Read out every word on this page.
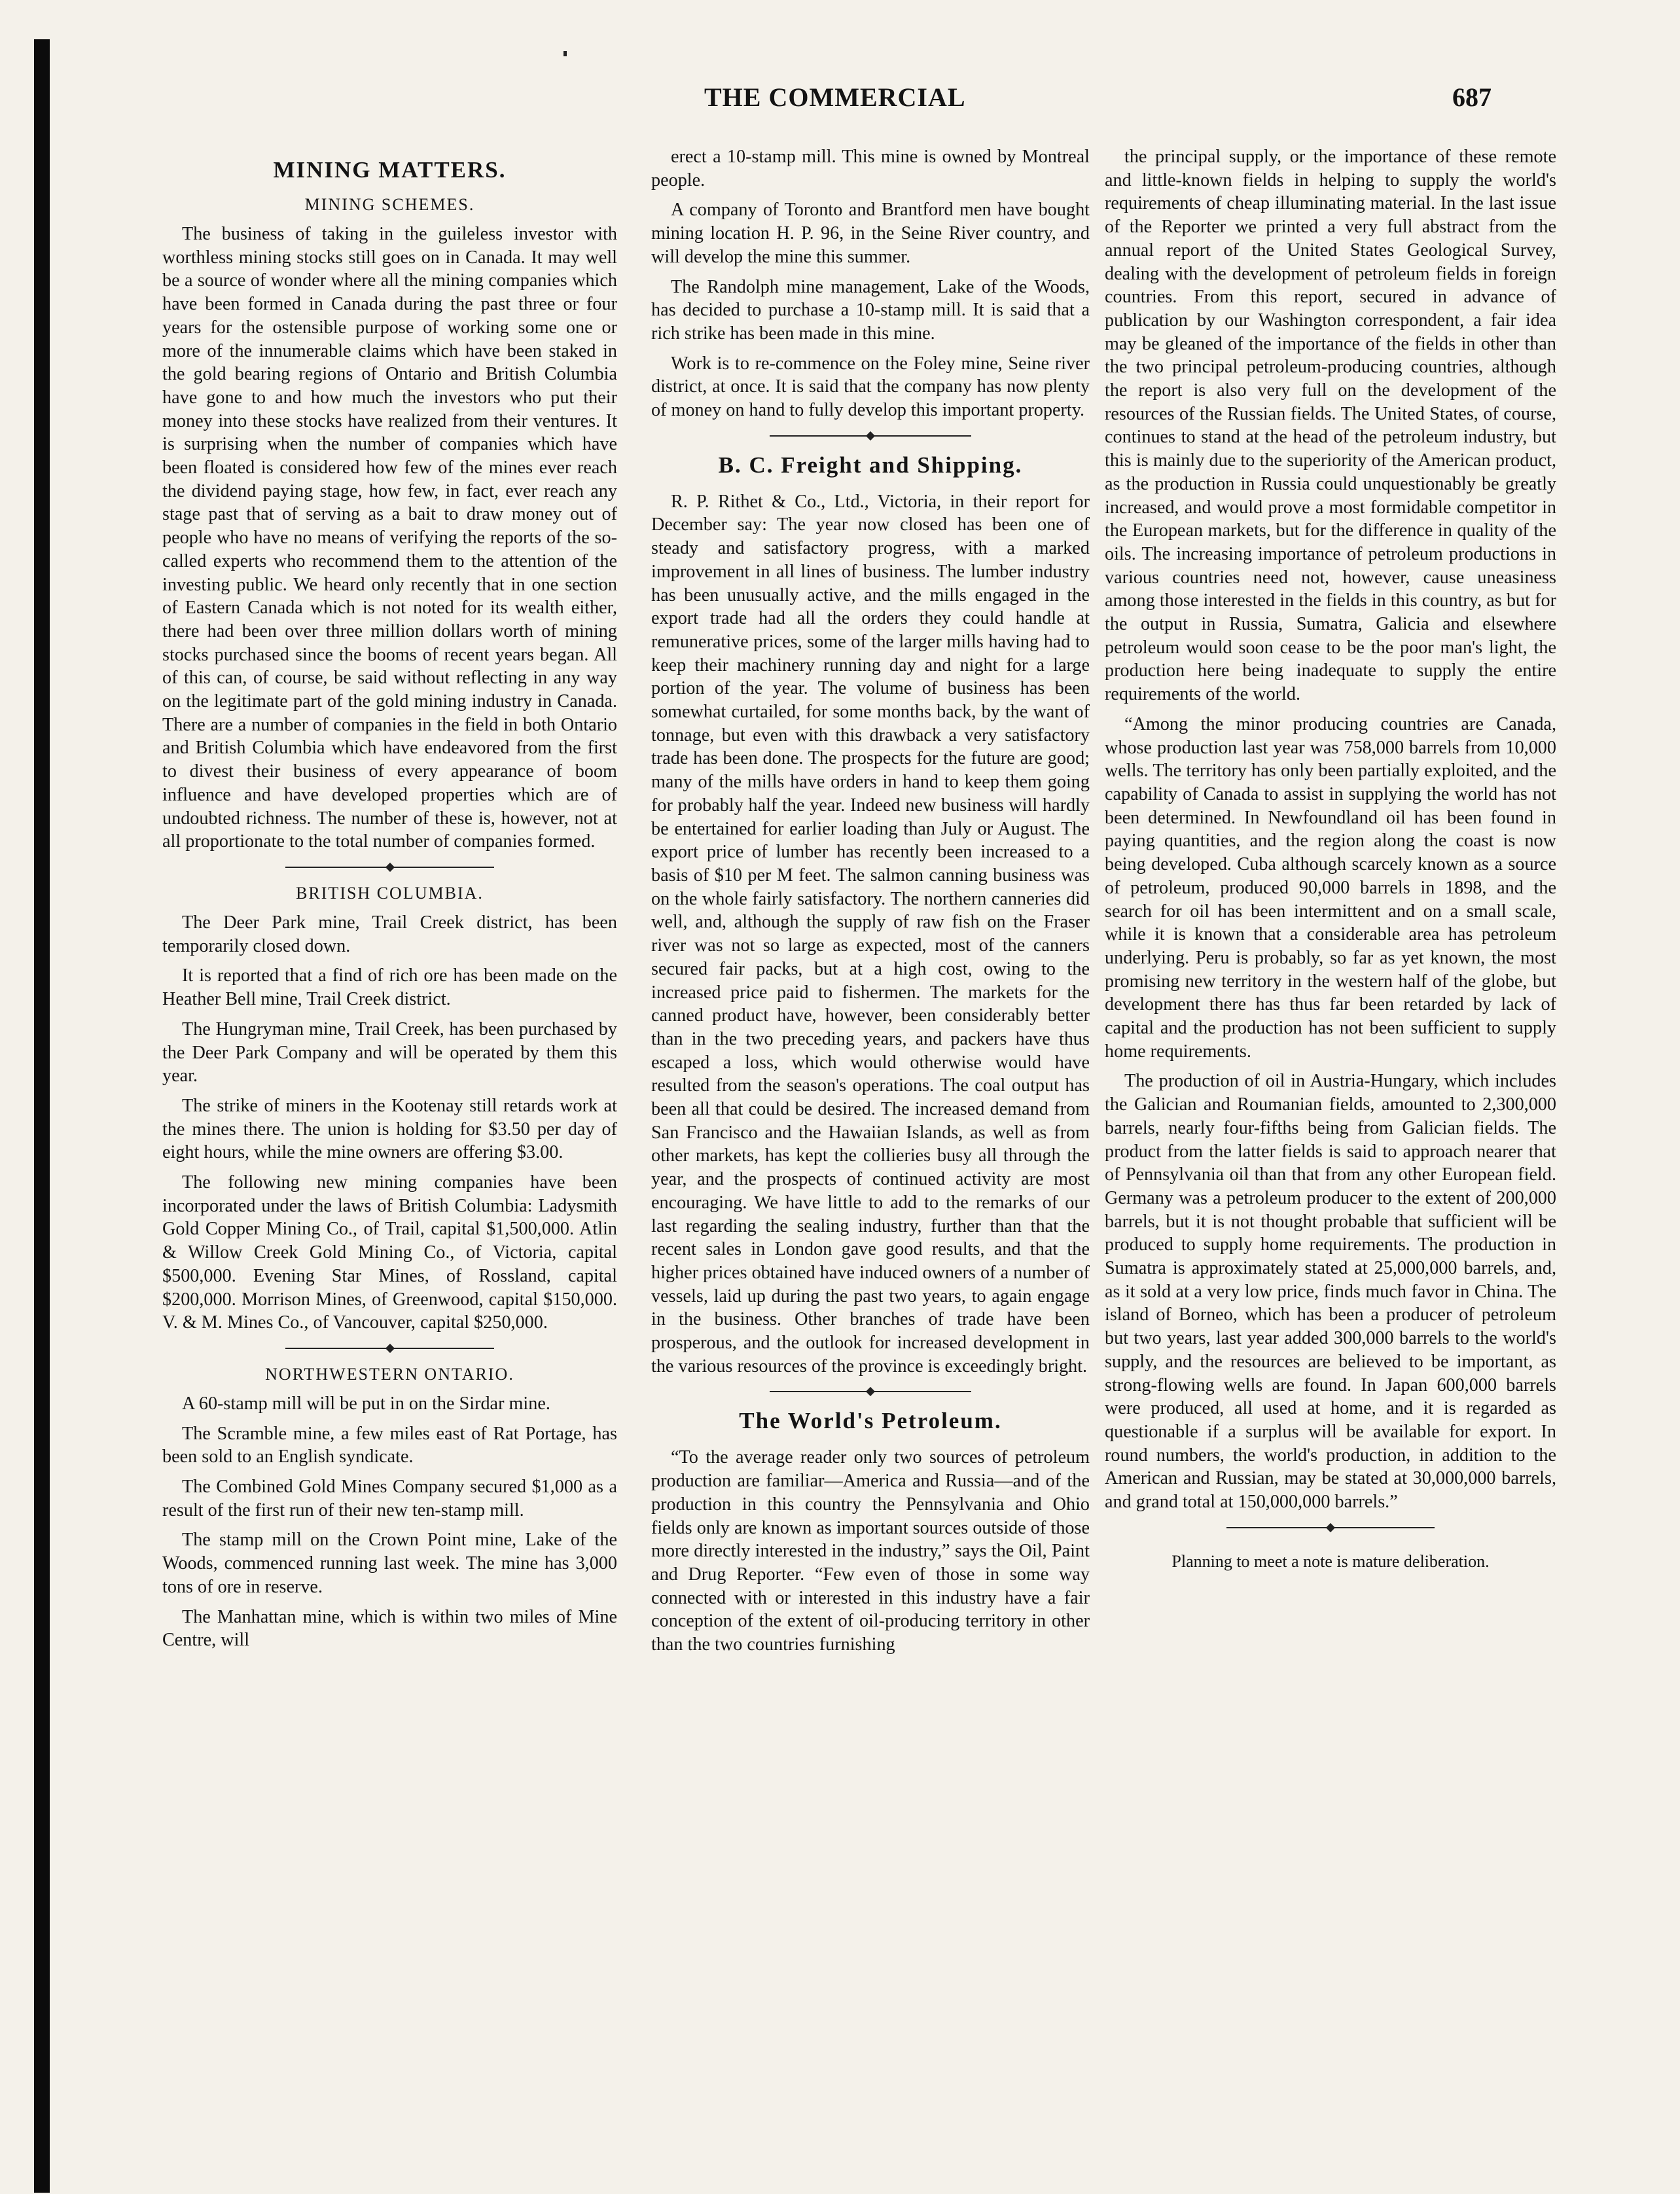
THE COMMERCIAL	687
MINING MATTERS.
MINING SCHEMES.

The business of taking in the guileless investor with worthless mining stocks still goes on in Canada. It may well be a source of wonder where all the mining companies which have been formed in Canada during the past three or four years for the ostensible purpose of working some one or more of the innumerable claims which have been staked in the gold bearing regions of Ontario and British Columbia have gone to and how much the investors who put their money into these stocks have realized from their ventures. It is surprising when the number of companies which have been floated is considered how few of the mines ever reach the dividend paying stage, how few, in fact, ever reach any stage past that of serving as a bait to draw money out of people who have no means of verifying the reports of the so-called experts who recommend them to the attention of the investing public. We heard only recently that in one section of Eastern Canada which is not noted for its wealth either, there had been over three million dollars worth of mining stocks purchased since the booms of recent years began. All of this can, of course, be said without reflecting in any way on the legitimate part of the gold mining industry in Canada. There are a number of companies in the field in both Ontario and British Columbia which have endeavored from the first to divest their business of every appearance of boom influence and have developed properties which are of undoubted richness. The number of these is, however, not at all proportionate to the total number of companies formed.

BRITISH COLUMBIA.

The Deer Park mine, Trail Creek district, has been temporarily closed down.

It is reported that a find of rich ore has been made on the Heather Bell mine, Trail Creek district.

The Hungryman mine, Trail Creek, has been purchased by the Deer Park Company and will be operated by them this year.

The strike of miners in the Kootenay still retards work at the mines there. The union is holding for $3.50 per day of eight hours, while the mine owners are offering $3.00.

The following new mining companies have been incorporated under the laws of British Columbia: Ladysmith Gold Copper Mining Co., of Trail, capital $1,500,000. Atlin & Willow Creek Gold Mining Co., of Victoria, capital $500,000. Evening Star Mines, of Rossland, capital $200,000. Morrison Mines, of Greenwood, capital $150,000. V. & M. Mines Co., of Vancouver, capital $250,000.

NORTHWESTERN ONTARIO.

A 60-stamp mill will be put in on the Sirdar mine.

The Scramble mine, a few miles east of Rat Portage, has been sold to an English syndicate.

The Combined Gold Mines Company secured $1,000 as a result of the first run of their new ten-stamp mill.

The stamp mill on the Crown Point mine, Lake of the Woods, commenced running last week. The mine has 3,000 tons of ore in reserve.

The Manhattan mine, which is within two miles of Mine Centre, will

erect a 10-stamp mill. This mine is owned by Montreal people.

A company of Toronto and Brantford men have bought mining location H. P. 96, in the Seine River country, and will develop the mine this summer.

The Randolph mine management, Lake of the Woods, has decided to purchase a 10-stamp mill. It is said that a rich strike has been made in this mine.

Work is to re-commence on the Foley mine, Seine river district, at once. It is said that the company has now plenty of money on hand to fully develop this important property.

B. C. Freight and Shipping.

R. P. Rithet & Co., Ltd., Victoria, in their report for December say: The year now closed has been one of steady and satisfactory progress, with a marked improvement in all lines of business. The lumber industry has been unusually active, and the mills engaged in the export trade had all the orders they could handle at remunerative prices, some of the larger mills having had to keep their machinery running day and night for a large portion of the year. The volume of business has been somewhat curtailed, for some months back, by the want of tonnage, but even with this drawback a very satisfactory trade has been done. The prospects for the future are good; many of the mills have orders in hand to keep them going for probably half the year. Indeed new business will hardly be entertained for earlier loading than July or August. The export price of lumber has recently been increased to a basis of $10 per M feet. The salmon canning business was on the whole fairly satisfactory. The northern canneries did well, and, although the supply of raw fish on the Fraser river was not so large as expected, most of the canners secured fair packs, but at a high cost, owing to the increased price paid to fishermen. The markets for the canned product have, however, been considerably better than in the two preceding years, and packers have thus escaped a loss, which would otherwise would have resulted from the season's operations. The coal output has been all that could be desired. The increased demand from San Francisco and the Hawaiian Islands, as well as from other markets, has kept the collieries busy all through the year, and the prospects of continued activity are most encouraging. We have little to add to the remarks of our last regarding the sealing industry, further than that the recent sales in London gave good results, and that the higher prices obtained have induced owners of a number of vessels, laid up during the past two years, to again engage in the business. Other branches of trade have been prosperous, and the outlook for increased development in the various resources of the province is exceedingly bright.

The World's Petroleum.

“To the average reader only two sources of petroleum production are familiar—America and Russia—and of the production in this country the Pennsylvania and Ohio fields only are known as important sources outside of those more directly interested in the industry,” says the Oil, Paint and Drug Reporter. “Few even of those in some way connected with or interested in this industry have a fair conception of the extent of oil-producing territory in other than the two countries furnishing

the principal supply, or the importance of these remote and little-known fields in helping to supply the world's requirements of cheap illuminating material. In the last issue of the Reporter we printed a very full abstract from the annual report of the United States Geological Survey, dealing with the development of petroleum fields in foreign countries. From this report, secured in advance of publication by our Washington correspondent, a fair idea may be gleaned of the importance of the fields in other than the two principal petroleum-producing countries, although the report is also very full on the development of the resources of the Russian fields. The United States, of course, continues to stand at the head of the petroleum industry, but this is mainly due to the superiority of the American product, as the production in Russia could unquestionably be greatly increased, and would prove a most formidable competitor in the European markets, but for the difference in quality of the oils. The increasing importance of petroleum productions in various countries need not, however, cause uneasiness among those interested in the fields in this country, as but for the output in Russia, Sumatra, Galicia and elsewhere petroleum would soon cease to be the poor man's light, the production here being inadequate to supply the entire requirements of the world.

“Among the minor producing countries are Canada, whose production last year was 758,000 barrels from 10,000 wells. The territory has only been partially exploited, and the capability of Canada to assist in supplying the world has not been determined. In Newfoundland oil has been found in paying quantities, and the region along the coast is now being developed. Cuba although scarcely known as a source of petroleum, produced 90,000 barrels in 1898, and the search for oil has been intermittent and on a small scale, while it is known that a considerable area has petroleum underlying. Peru is probably, so far as yet known, the most promising new territory in the western half of the globe, but development there has thus far been retarded by lack of capital and the production has not been sufficient to supply home requirements.

The production of oil in Austria-Hungary, which includes the Galician and Roumanian fields, amounted to 2,300,000 barrels, nearly four-fifths being from Galician fields. The product from the latter fields is said to approach nearer that of Pennsylvania oil than that from any other European field. Germany was a petroleum producer to the extent of 200,000 barrels, but it is not thought probable that sufficient will be produced to supply home requirements. The production in Sumatra is approximately stated at 25,000,000 barrels, and, as it sold at a very low price, finds much favor in China. The island of Borneo, which has been a producer of petroleum but two years, last year added 300,000 barrels to the world's supply, and the resources are believed to be important, as strong-flowing wells are found. In Japan 600,000 barrels were produced, all used at home, and it is regarded as questionable if a surplus will be available for export. In round numbers, the world's production, in addition to the American and Russian, may be stated at 30,000,000 barrels, and grand total at 150,000,000 barrels.”

Planning to meet a note is mature deliberation.
